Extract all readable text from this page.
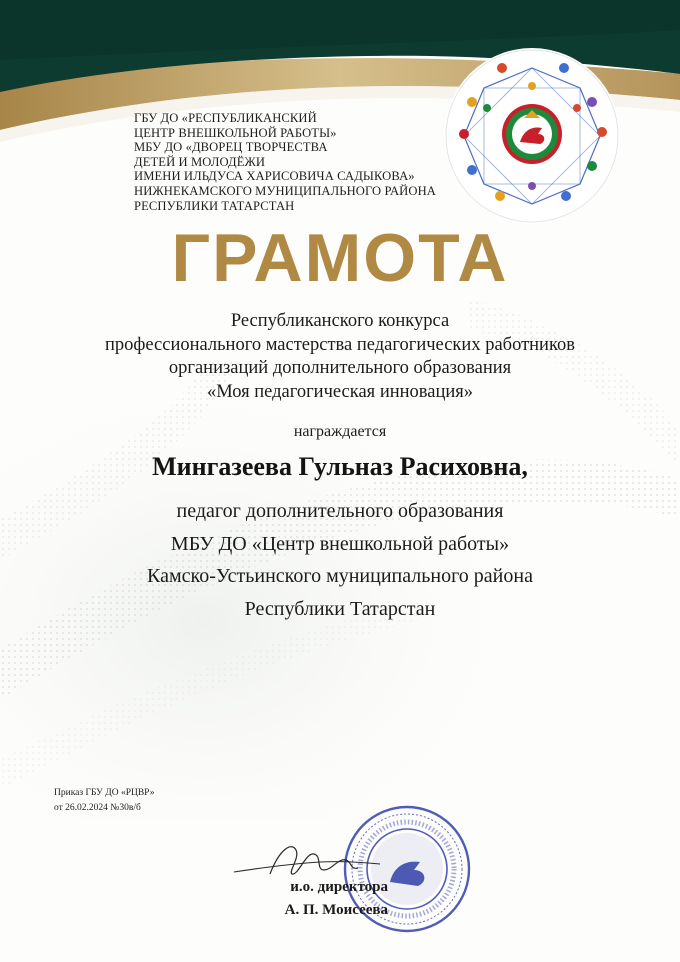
ГБУ ДО «РЕСПУБЛИКАНСКИЙ
ЦЕНТР ВНЕШКОЛЬНОЙ РАБОТЫ»
МБУ ДО «ДВОРЕЦ ТВОРЧЕСТВА
ДЕТЕЙ И МОЛОДЁЖИ
ИМЕНИ ИЛЬДУСА ХАРИСОВИЧА САДЫКОВА»
НИЖНЕКАМСКОГО МУНИЦИПАЛЬНОГО РАЙОНА
РЕСПУБЛИКИ ТАТАРСТАН
ГРАМОТА
Республиканского конкурса
профессионального мастерства педагогических работников
организаций дополнительного образования
«Моя педагогическая инновация»
награждается
Мингазеева Гульназ Расиховна,
педагог дополнительного образования
МБУ ДО «Центр внешкольной работы»
Камско-Устьинского муниципального района
Республики Татарстан
Приказ ГБУ ДО «РЦВР»
от 26.02.2024 №30в/б
и.о. директора
А. П. Моисеева
